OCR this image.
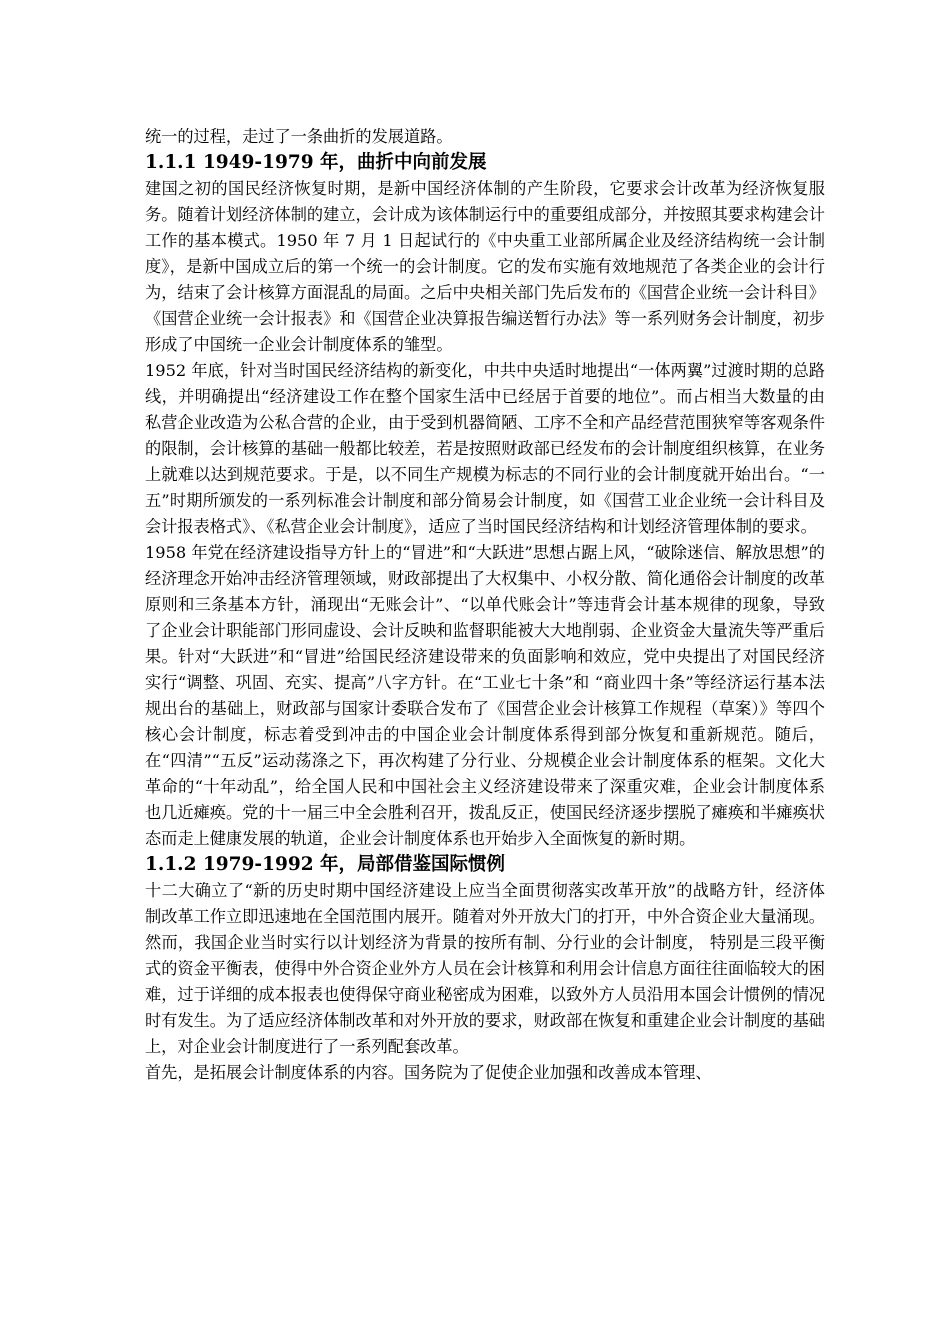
统一的过程，走过了一条曲折的发展道路。

1.1.1 1949-1979 年，曲折中向前发展

建国之初的国民经济恢复时期，是新中国经济体制的产生阶段，它要求会计改革为经济恢复服务。随着计划经济体制的建立，会计成为该体制运行中的重要组成部分，并按照其要求构建会计工作的基本模式。1950 年 7 月 1 日起试行的《中央重工业部所属企业及经济结构统一会计制度》，是新中国成立后的第一个统一的会计制度。它的发布实施有效地规范了各类企业的会计行为，结束了会计核算方面混乱的局面。之后中央相关部门先后发布的《国营企业统一会计科目》《国营企业统一会计报表》和《国营企业决算报告编送暂行办法》等一系列财务会计制度，初步形成了中国统一企业会计制度体系的雏型。

1952 年底，针对当时国民经济结构的新变化，中共中央适时地提出“一体两翼”过渡时期的总路线，并明确提出“经济建设工作在整个国家生活中已经居于首要的地位”。而占相当大数量的由私营企业改造为公私合营的企业，由于受到机器简陋、工序不全和产品经营范围狭窄等客观条件的限制，会计核算的基础一般都比较差，若是按照财政部已经发布的会计制度组织核算，在业务上就难以达到规范要求。于是，以不同生产规模为标志的不同行业的会计制度就开始出台。“一五”时期所颁发的一系列标准会计制度和部分简易会计制度，如《国营工业企业统一会计科目及会计报表格式》、《私营企业会计制度》，适应了当时国民经济结构和计划经济管理体制的要求。

1958 年党在经济建设指导方针上的“冒进”和“大跃进”思想占踞上风，“破除迷信、解放思想”的经济理念开始冲击经济管理领域，财政部提出了大权集中、小权分散、简化通俗会计制度的改革原则和三条基本方针，涌现出“无账会计”、“以单代账会计”等违背会计基本规律的现象，导致了企业会计职能部门形同虚设、会计反映和监督职能被大大地削弱、企业资金大量流失等严重后果。针对“大跃进”和“冒进”给国民经济建设带来的负面影响和效应，党中央提出了对国民经济实行“调整、巩固、充实、提高”八字方针。在“工业七十条”和 “商业四十条”等经济运行基本法规出台的基础上，财政部与国家计委联合发布了《国营企业会计核算工作规程（草案）》等四个核心会计制度，标志着受到冲击的中国企业会计制度体系得到部分恢复和重新规范。随后，在“四清”“五反”运动荡涤之下，再次构建了分行业、分规模企业会计制度体系的框架。文化大革命的“十年动乱”，给全国人民和中国社会主义经济建设带来了深重灾难，企业会计制度体系也几近瘫痪。党的十一届三中全会胜利召开，拨乱反正，使国民经济逐步摆脱了瘫痪和半瘫痪状态而走上健康发展的轨道，企业会计制度体系也开始步入全面恢复的新时期。

1.1.2 1979-1992 年，局部借鉴国际惯例

十二大确立了“新的历史时期中国经济建设上应当全面贯彻落实改革开放”的战略方针，经济体制改革工作立即迅速地在全国范围内展开。随着对外开放大门的打开，中外合资企业大量涌现。然而，我国企业当时实行以计划经济为背景的按所有制、分行业的会计制度， 特别是三段平衡式的资金平衡表，使得中外合资企业外方人员在会计核算和利用会计信息方面往往面临较大的困难，过于详细的成本报表也使得保守商业秘密成为困难，以致外方人员沿用本国会计惯例的情况时有发生。为了适应经济体制改革和对外开放的要求，财政部在恢复和重建企业会计制度的基础上，对企业会计制度进行了一系列配套改革。

首先，是拓展会计制度体系的内容。国务院为了促使企业加强和改善成本管理、
